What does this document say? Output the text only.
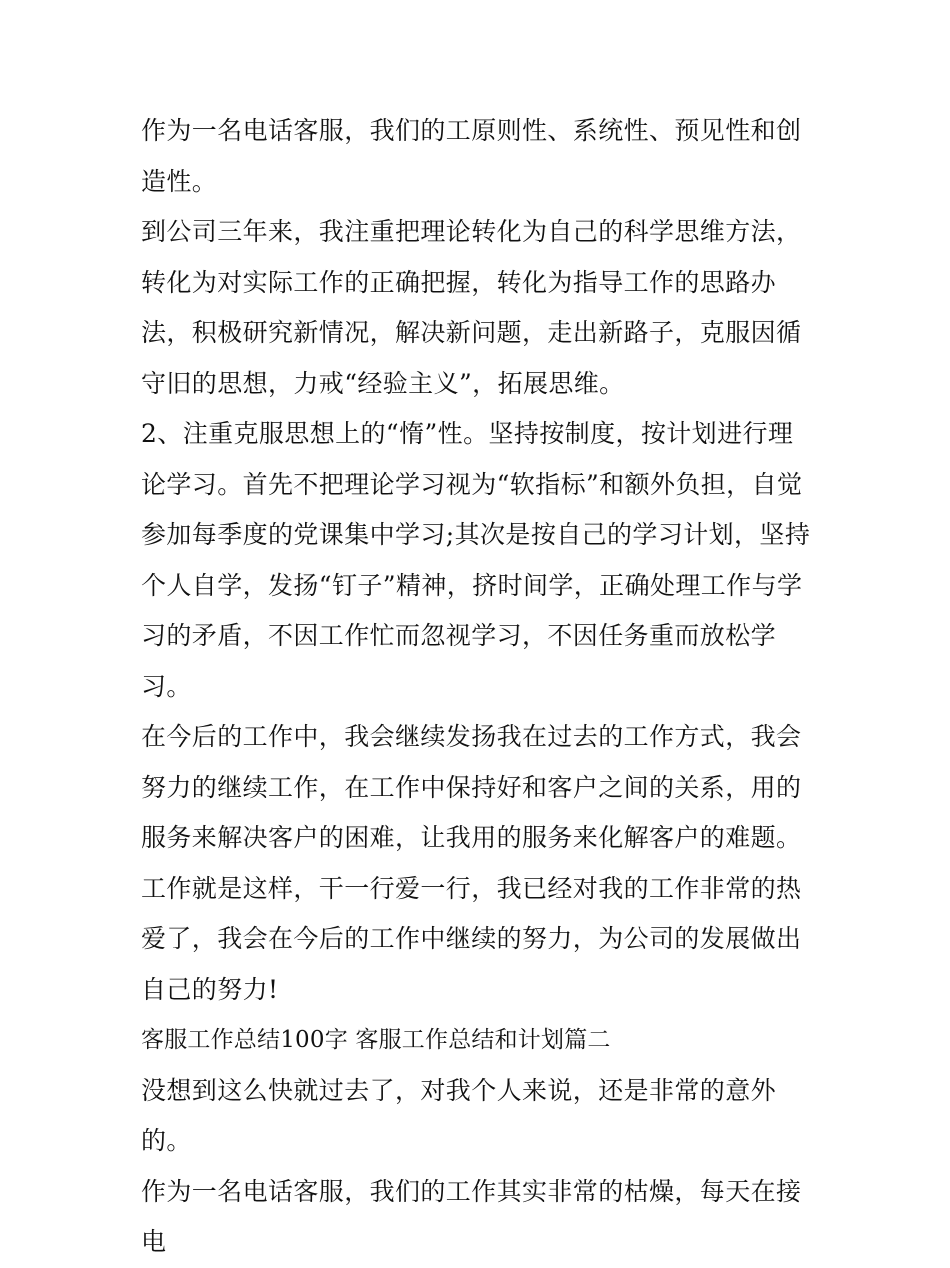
作为一名电话客服，我们的工原则性、系统性、预见性和创造性。

到公司三年来，我注重把理论转化为自己的科学思维方法，转化为对实际工作的正确把握，转化为指导工作的思路办法，积极研究新情况，解决新问题，走出新路子，克服因循守旧的思想，力戒“经验主义”，拓展思维。

2、注重克服思想上的“惰”性。坚持按制度，按计划进行理论学习。首先不把理论学习视为“软指标”和额外负担，自觉参加每季度的党课集中学习;其次是按自己的学习计划，坚持个人自学，发扬“钉子”精神，挤时间学，正确处理工作与学习的矛盾，不因工作忙而忽视学习，不因任务重而放松学习。

在今后的工作中，我会继续发扬我在过去的工作方式，我会努力的继续工作，在工作中保持好和客户之间的关系，用的服务来解决客户的困难，让我用的服务来化解客户的难题。工作就是这样，干一行爱一行，我已经对我的工作非常的热爱了，我会在今后的工作中继续的努力，为公司的发展做出自己的努力!

客服工作总结100字 客服工作总结和计划篇二

没想到这么快就过去了，对我个人来说，还是非常的意外的。

作为一名电话客服，我们的工作其实非常的枯燥，每天在接电
